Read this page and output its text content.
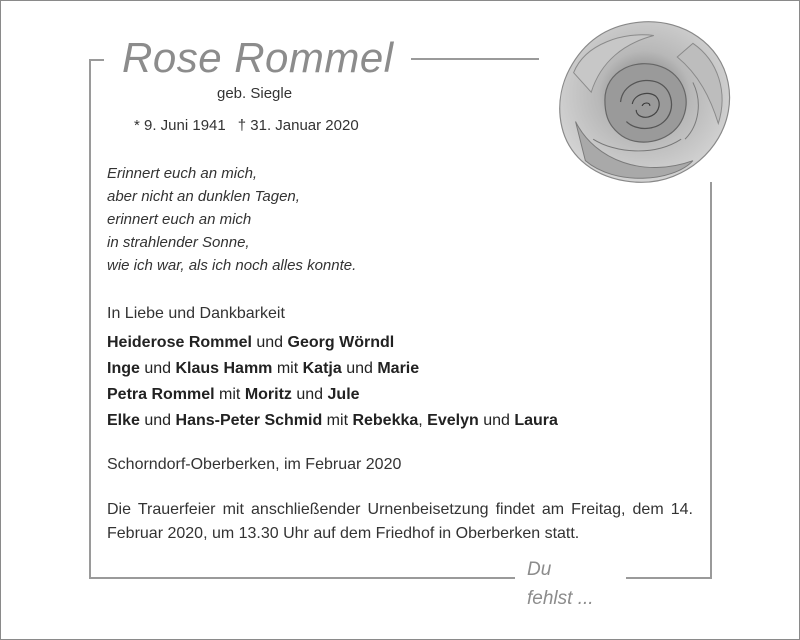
Rose Rommel
geb. Siegle
* 9. Juni 1941 † 31. Januar 2020
Erinnert euch an mich,
aber nicht an dunklen Tagen,
erinnert euch an mich
in strahlender Sonne,
wie ich war, als ich noch alles konnte.
In Liebe und Dankbarkeit
Heiderose Rommel und Georg Wörndl
Inge und Klaus Hamm mit Katja und Marie
Petra Rommel mit Moritz und Jule
Elke und Hans-Peter Schmid mit Rebekka, Evelyn und Laura
Schorndorf-Oberberken, im Februar 2020
Die Trauerfeier mit anschließender Urnenbeisetzung findet am Freitag, dem 14. Februar 2020, um 13.30 Uhr auf dem Friedhof in Oberberken statt.
Du
fehlst ...
